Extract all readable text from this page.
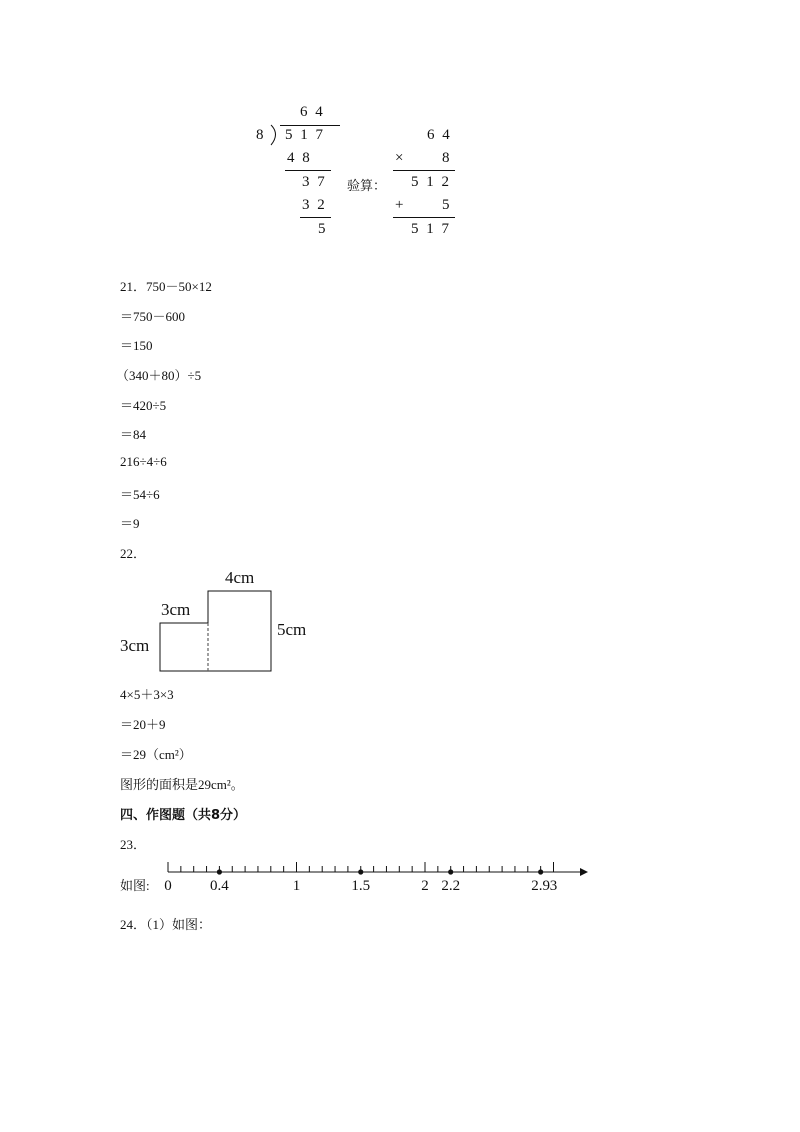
6 4
8 5 1 7
4 8
3 7
3 2
5
验算：
6 4
×	8
5 1 2
+	5
5 1 7
21．750－50×12
＝750－600
＝150
（340＋80）÷5
＝420÷5
＝84
216÷4÷6
＝54÷6
＝9
22．
4cm
3cm
3cm
5cm
4×5＋3×3
＝20＋9
＝29（cm²）
图形的面积是29cm²。
四、作图题（共8分）
23．
如图: 0	0.4	1	1.5	2 2.2	2.9 3
24．（1）如图：
